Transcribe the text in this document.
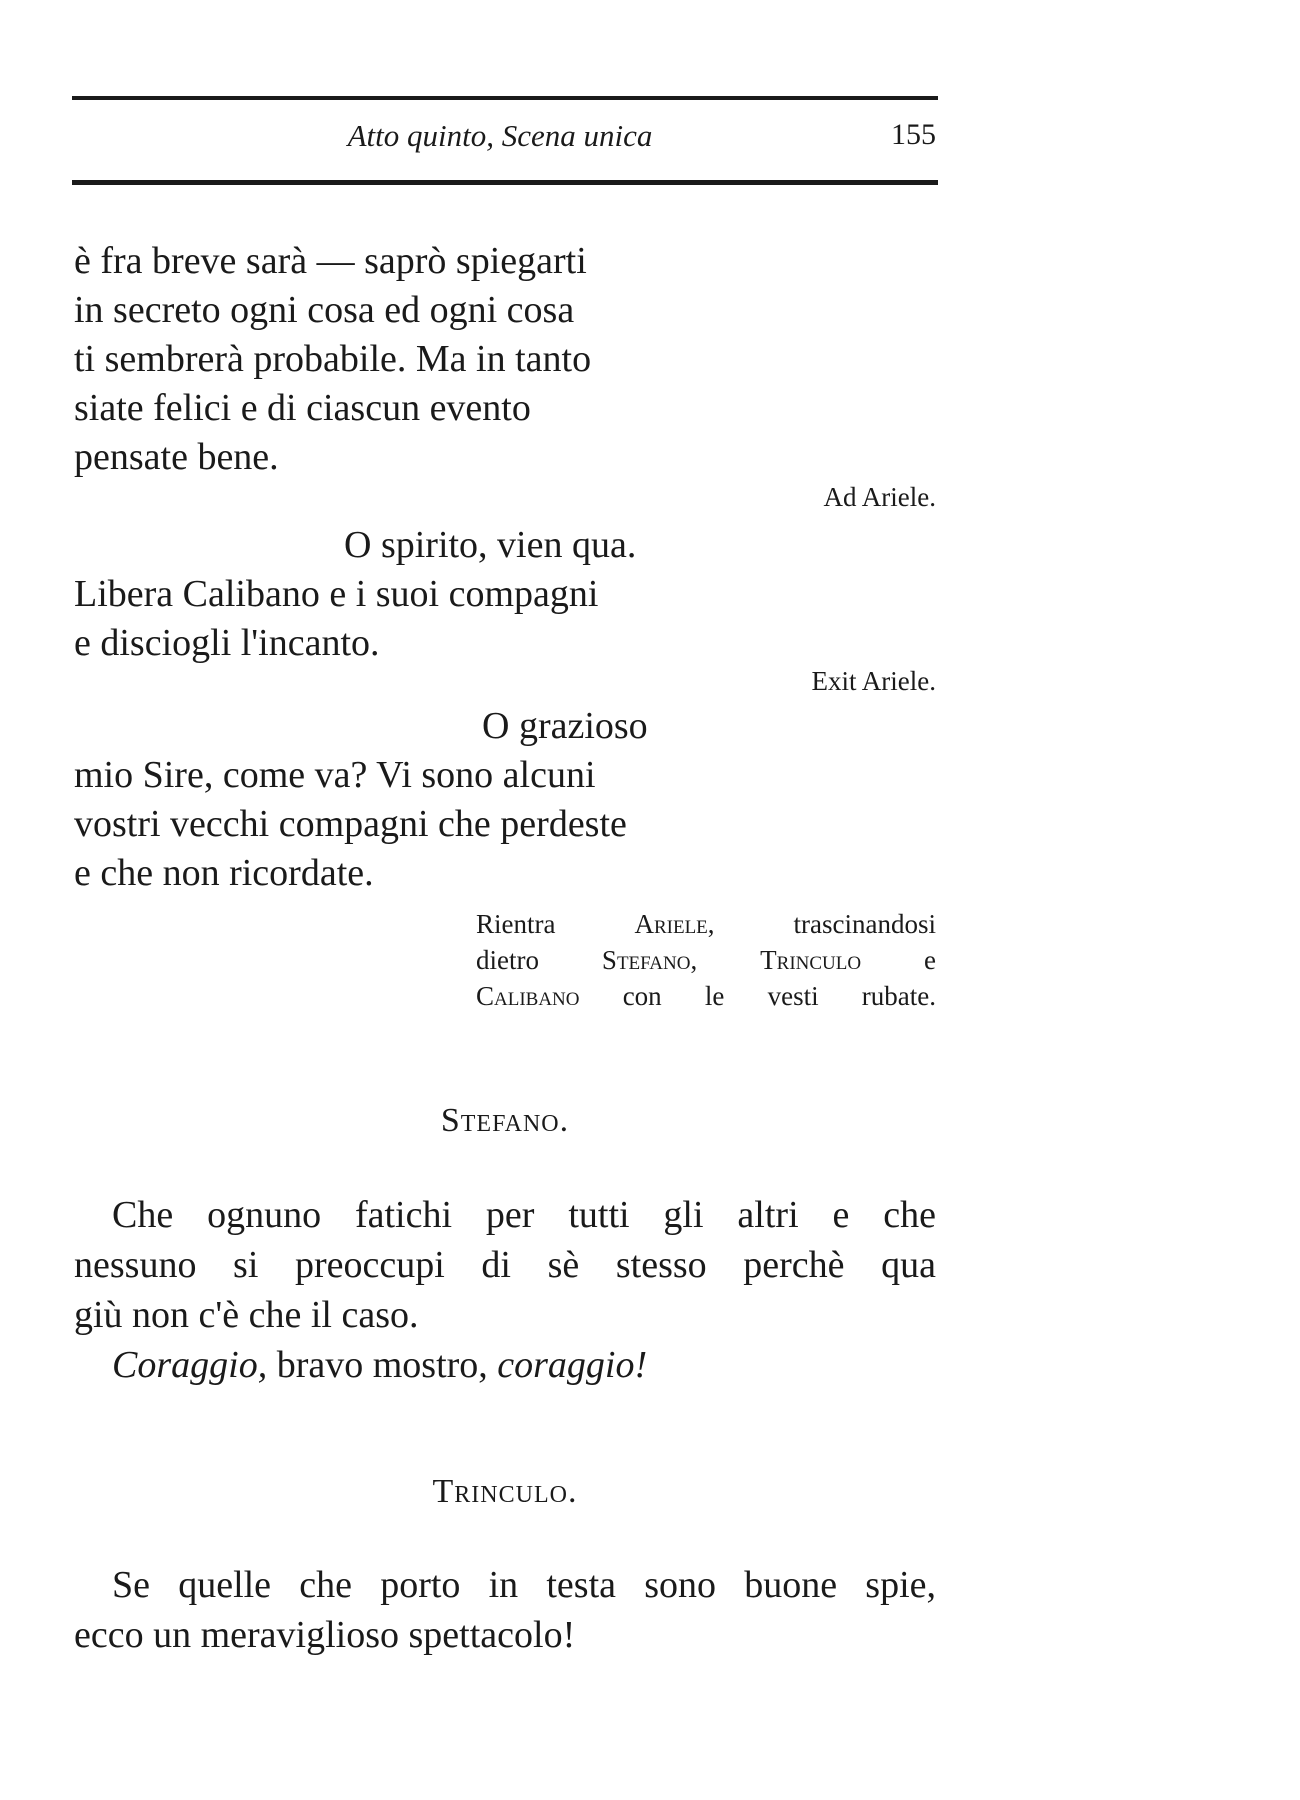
Atto quinto, Scena unica	155
è fra breve sarà — saprò spiegarti
in secreto ogni cosa ed ogni cosa
ti sembrerà probabile. Ma in tanto
siate felici e di ciascun evento
pensate bene.
Ad Ariele.
O spirito, vien qua.
Libera Calibano e i suoi compagni
e disciogli l'incanto.
Exit Ariele.
O grazioso
mio Sire, come va? Vi sono alcuni
vostri vecchi compagni che perdeste
e che non ricordate.
Rientra	Ariele,	trascinandosi
dietro Stefano, Trinculo e
Calibano con le vesti rubate.
Stefano.
Che ognuno fatichi per tutti gli altri e che
nessuno si preoccupi di sè stesso perchè qua
giù non c'è che il caso.
Coraggio, bravo mostro, coraggio!
Trinculo.
Se quelle che porto in testa sono buone spie,
ecco un meraviglioso spettacolo!
